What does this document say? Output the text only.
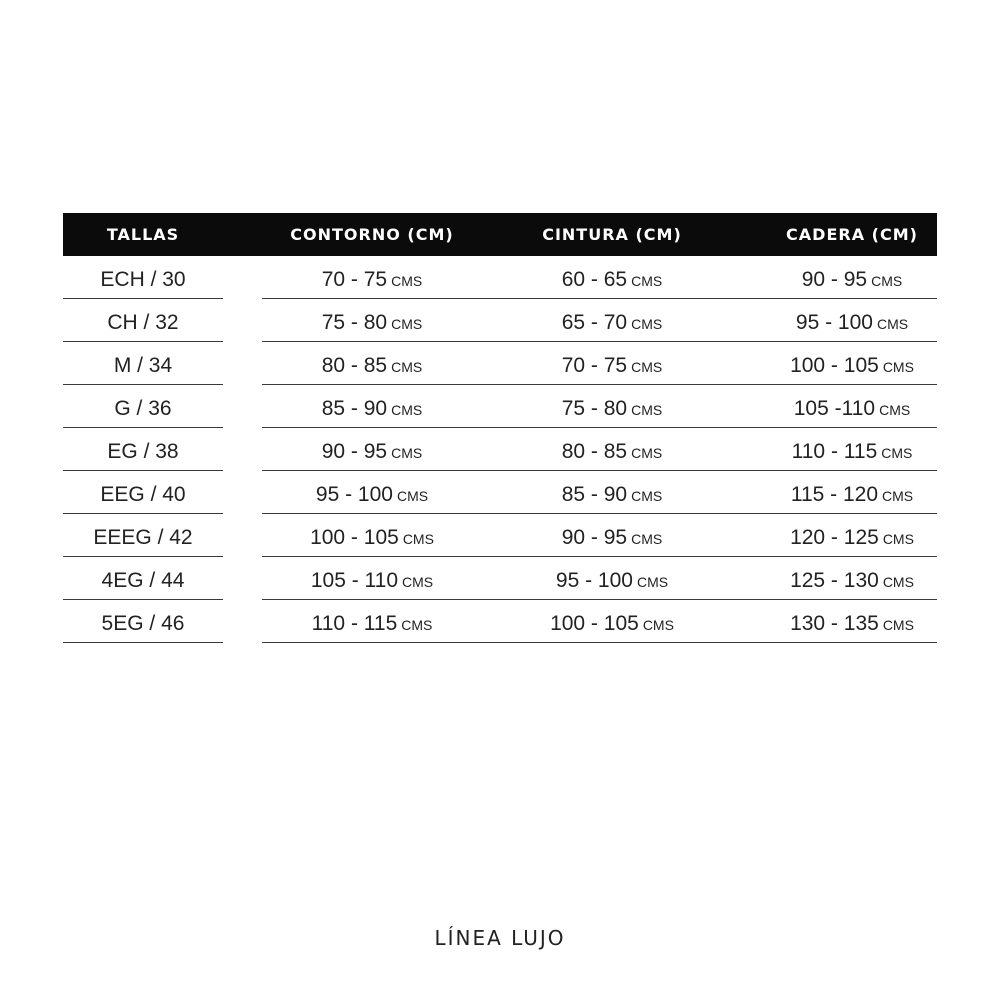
TALLAS	CONTORNO (CM)	CINTURA (CM)	CADERA (CM)
ECH / 30	70 - 75 CMS	60 - 65 CMS	90 - 95 CMS
CH / 32	75 - 80 CMS	65 - 70 CMS	95 - 100 CMS
M / 34	80 - 85 CMS	70 - 75 CMS	100 - 105 CMS
G / 36	85 - 90 CMS	75 - 80 CMS	105 -110 CMS
EG / 38	90 - 95 CMS	80 - 85 CMS	110 - 115 CMS
EEG / 40	95 - 100 CMS	85 - 90 CMS	115 - 120 CMS
EEEG / 42	100 - 105 CMS	90 - 95 CMS	120 - 125 CMS
4EG / 44	105 - 110 CMS	95 - 100 CMS	125 - 130 CMS
5EG / 46	110 - 115 CMS	100 - 105 CMS	130 - 135 CMS
LÍNEA LUJO
